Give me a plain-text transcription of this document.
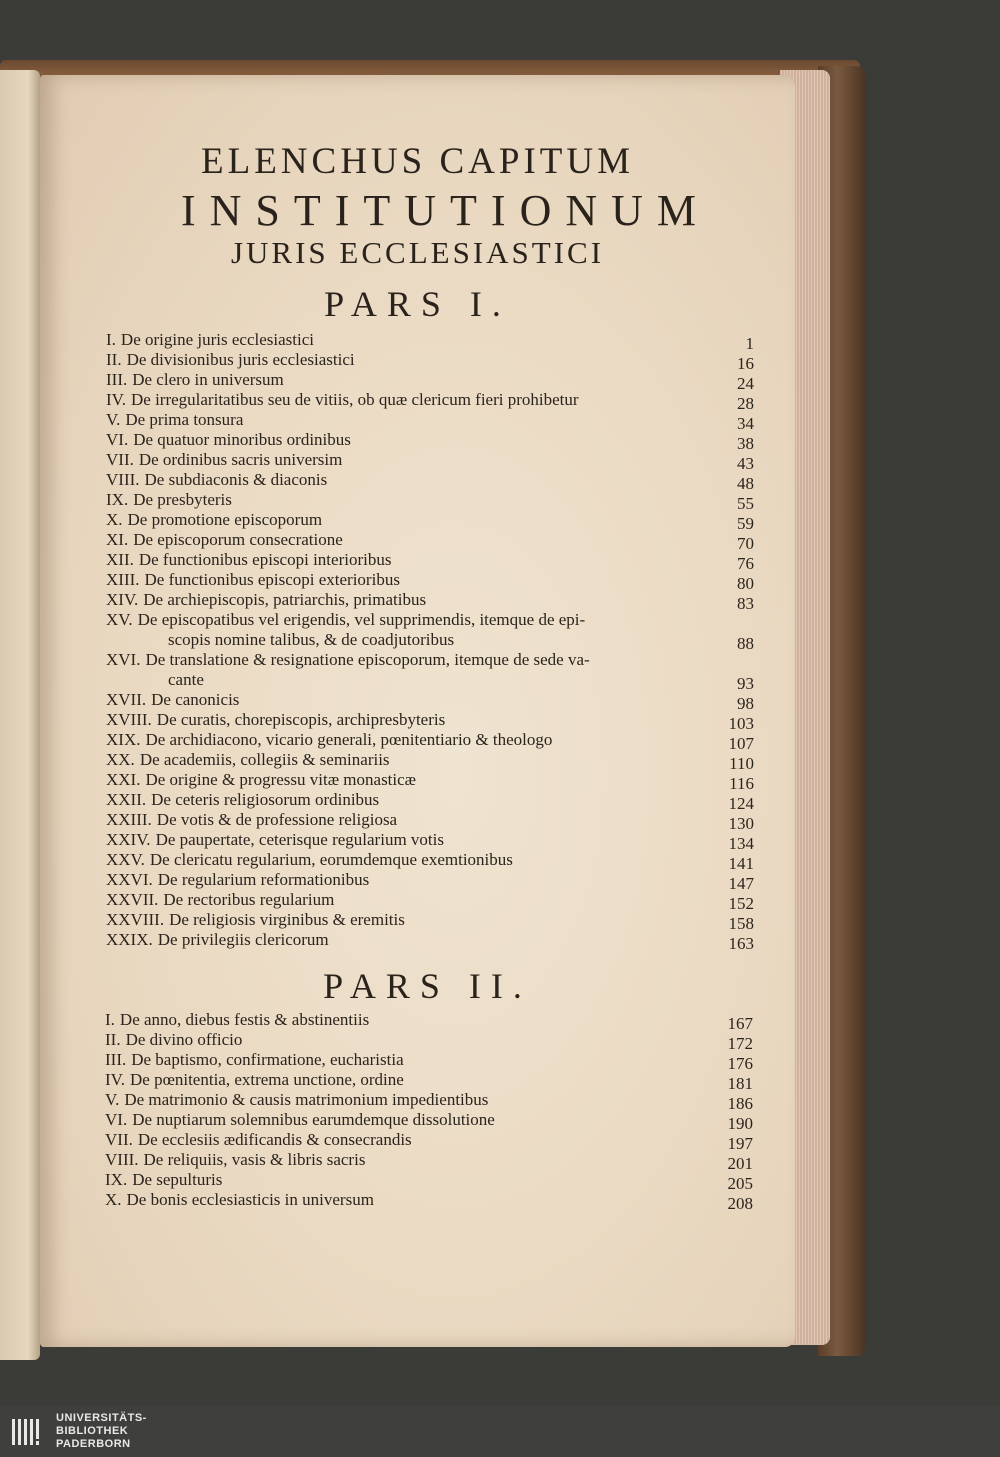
ELENCHUS CAPITUM
INSTITUTIONUM
JURIS ECCLESIASTICI
PARS I.
I. De origine juris ecclesiastici	1
II. De divisionibus juris ecclesiastici	16
III. De clero in universum	24
IV. De irregularitatibus seu de vitiis, ob quæ clericum fieri prohibetur	28
V. De prima tonsura	34
VI. De quatuor minoribus ordinibus	38
VII. De ordinibus sacris universim	43
VIII. De subdiaconis & diaconis	48
IX. De presbyteris	55
X. De promotione episcoporum	59
XI. De episcoporum consecratione	70
XII. De functionibus episcopi interioribus	76
XIII. De functionibus episcopi exterioribus	80
XIV. De archiepiscopis, patriarchis, primatibus	83
XV. De episcopatibus vel erigendis, vel supprimendis, itemque de epi-
scopis nomine talibus, & de coadjutoribus	88
XVI. De translatione & resignatione episcoporum, itemque de sede va-
cante	93
XVII. De canonicis	98
XVIII. De curatis, chorepiscopis, archipresbyteris	103
XIX. De archidiacono, vicario generali, pœnitentiario & theologo	107
XX. De academiis, collegiis & seminariis	110
XXI. De origine & progressu vitæ monasticæ	116
XXII. De ceteris religiosorum ordinibus	124
XXIII. De votis & de professione religiosa	130
XXIV. De paupertate, ceterisque regularium votis	134
XXV. De clericatu regularium, eorumdemque exemtionibus	141
XXVI. De regularium reformationibus	147
XXVII. De rectoribus regularium	152
XXVIII. De religiosis virginibus & eremitis	158
XXIX. De privilegiis clericorum	163
PARS II.
I. De anno, diebus festis & abstinentiis	167
II. De divino officio	172
III. De baptismo, confirmatione, eucharistia	176
IV. De pœnitentia, extrema unctione, ordine	181
V. De matrimonio & causis matrimonium impedientibus	186
VI. De nuptiarum solemnibus earumdemque dissolutione	190
VII. De ecclesiis ædificandis & consecrandis	197
VIII. De reliquiis, vasis & libris sacris	201
IX. De sepulturis	205
X. De bonis ecclesiasticis in universum	208
UNIVERSITÄTS-
BIBLIOTHEK
PADERBORN
